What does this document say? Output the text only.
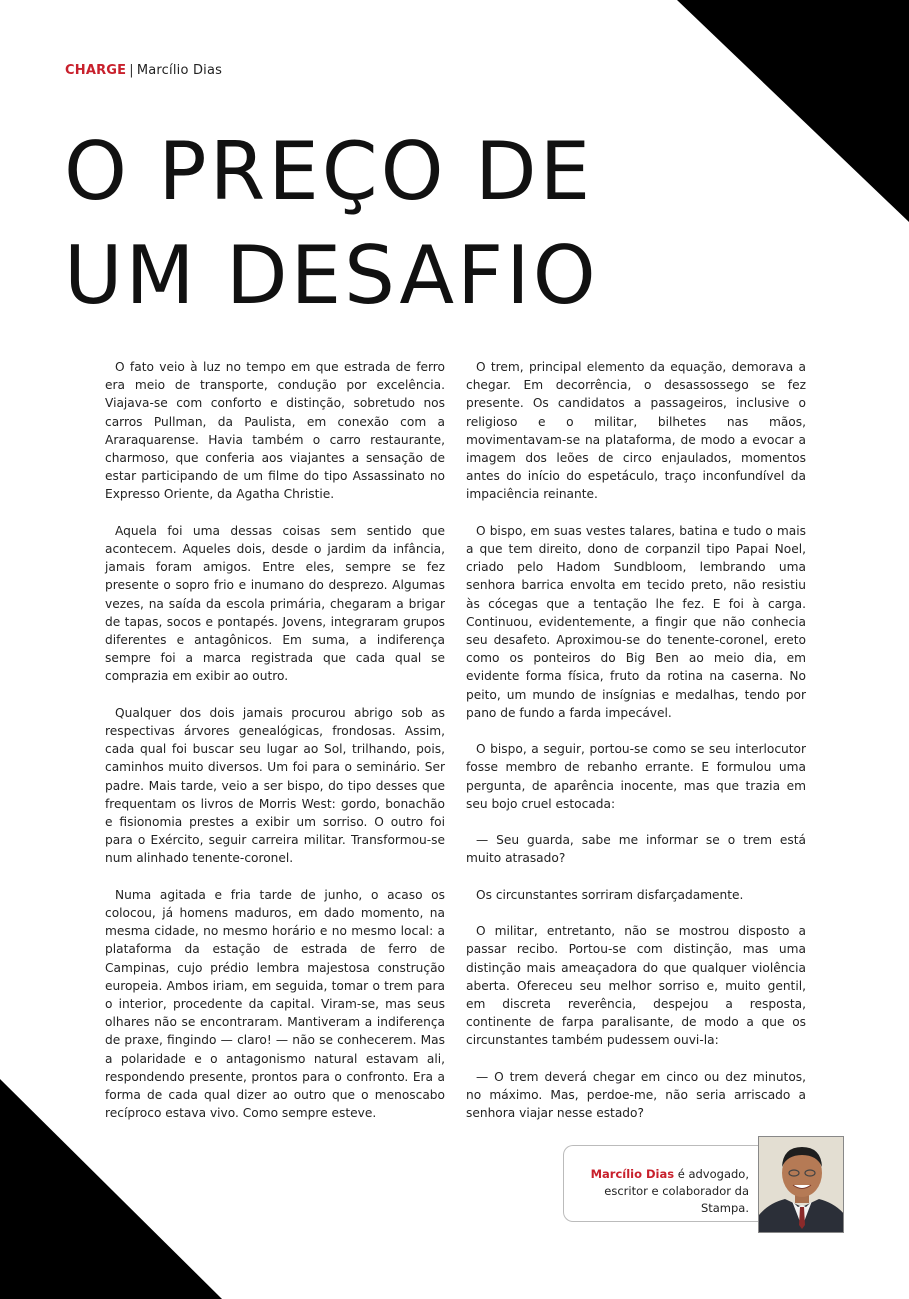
CHARGE | Marcílio Dias
O PREÇO DE
UM DESAFIO

O fato veio à luz no tempo em que estrada de ferro era meio de transporte, condução por excelência. Viajava-se com conforto e distinção, sobretudo nos carros Pullman, da Paulista, em conexão com a Araraquarense. Havia também o carro restaurante, charmoso, que conferia aos viajantes a sensação de estar participando de um filme do tipo Assassinato no Expresso Oriente, da Agatha Christie.

Aquela foi uma dessas coisas sem sentido que acontecem. Aqueles dois, desde o jardim da infância, jamais foram amigos. Entre eles, sempre se fez presente o sopro frio e inumano do desprezo. Algumas vezes, na saída da escola primária, chegaram a brigar de tapas, socos e pontapés. Jovens, integraram grupos diferentes e antagônicos. Em suma, a indiferença sempre foi a marca registrada que cada qual se comprazia em exibir ao outro.

Qualquer dos dois jamais procurou abrigo sob as respectivas árvores genealógicas, frondosas. Assim, cada qual foi buscar seu lugar ao Sol, trilhando, pois, caminhos muito diversos. Um foi para o seminário. Ser padre. Mais tarde, veio a ser bispo, do tipo desses que frequentam os livros de Morris West: gordo, bonachão e fisionomia prestes a exibir um sorriso. O outro foi para o Exército, seguir carreira militar. Transformou-se num alinhado tenente-coronel.

Numa agitada e fria tarde de junho, o acaso os colocou, já homens maduros, em dado momento, na mesma cidade, no mesmo horário e no mesmo local: a plataforma da estação de estrada de ferro de Campinas, cujo prédio lembra majestosa construção europeia. Ambos iriam, em seguida, tomar o trem para o interior, procedente da capital. Viram-se, mas seus olhares não se encontraram. Mantiveram a indiferença de praxe, fingindo — claro! — não se conhecerem. Mas a polaridade e o antagonismo natural estavam ali, respondendo presente, prontos para o confronto. Era a forma de cada qual dizer ao outro que o menoscabo recíproco estava vivo. Como sempre esteve.

O trem, principal elemento da equação, demorava a chegar. Em decorrência, o desassossego se fez presente. Os candidatos a passageiros, inclusive o religioso e o militar, bilhetes nas mãos, movimentavam-se na plataforma, de modo a evocar a imagem dos leões de circo enjaulados, momentos antes do início do espetáculo, traço inconfundível da impaciência reinante.

O bispo, em suas vestes talares, batina e tudo o mais a que tem direito, dono de corpanzil tipo Papai Noel, criado pelo Hadom Sundbloom, lembrando uma senhora barrica envolta em tecido preto, não resistiu às cócegas que a tentação lhe fez. E foi à carga. Continuou, evidentemente, a fingir que não conhecia seu desafeto. Aproximou-se do tenente-coronel, ereto como os ponteiros do Big Ben ao meio dia, em evidente forma física, fruto da rotina na caserna. No peito, um mundo de insígnias e medalhas, tendo por pano de fundo a farda impecável.

O bispo, a seguir, portou-se como se seu interlocutor fosse membro de rebanho errante. E formulou uma pergunta, de aparência inocente, mas que trazia em seu bojo cruel estocada:

— Seu guarda, sabe me informar se o trem está muito atrasado?

Os circunstantes sorriram disfarçadamente.

O militar, entretanto, não se mostrou disposto a passar recibo. Portou-se com distinção, mas uma distinção mais ameaçadora do que qualquer violência aberta. Ofereceu seu melhor sorriso e, muito gentil, em discreta reverência, despejou a resposta, continente de farpa paralisante, de modo a que os circunstantes também pudessem ouvi-la:

— O trem deverá chegar em cinco ou dez minutos, no máximo. Mas, perdoe-me, não seria arriscado a senhora viajar nesse estado?

Marcílio Dias é advogado,
escritor e colaborador da Stampa.
